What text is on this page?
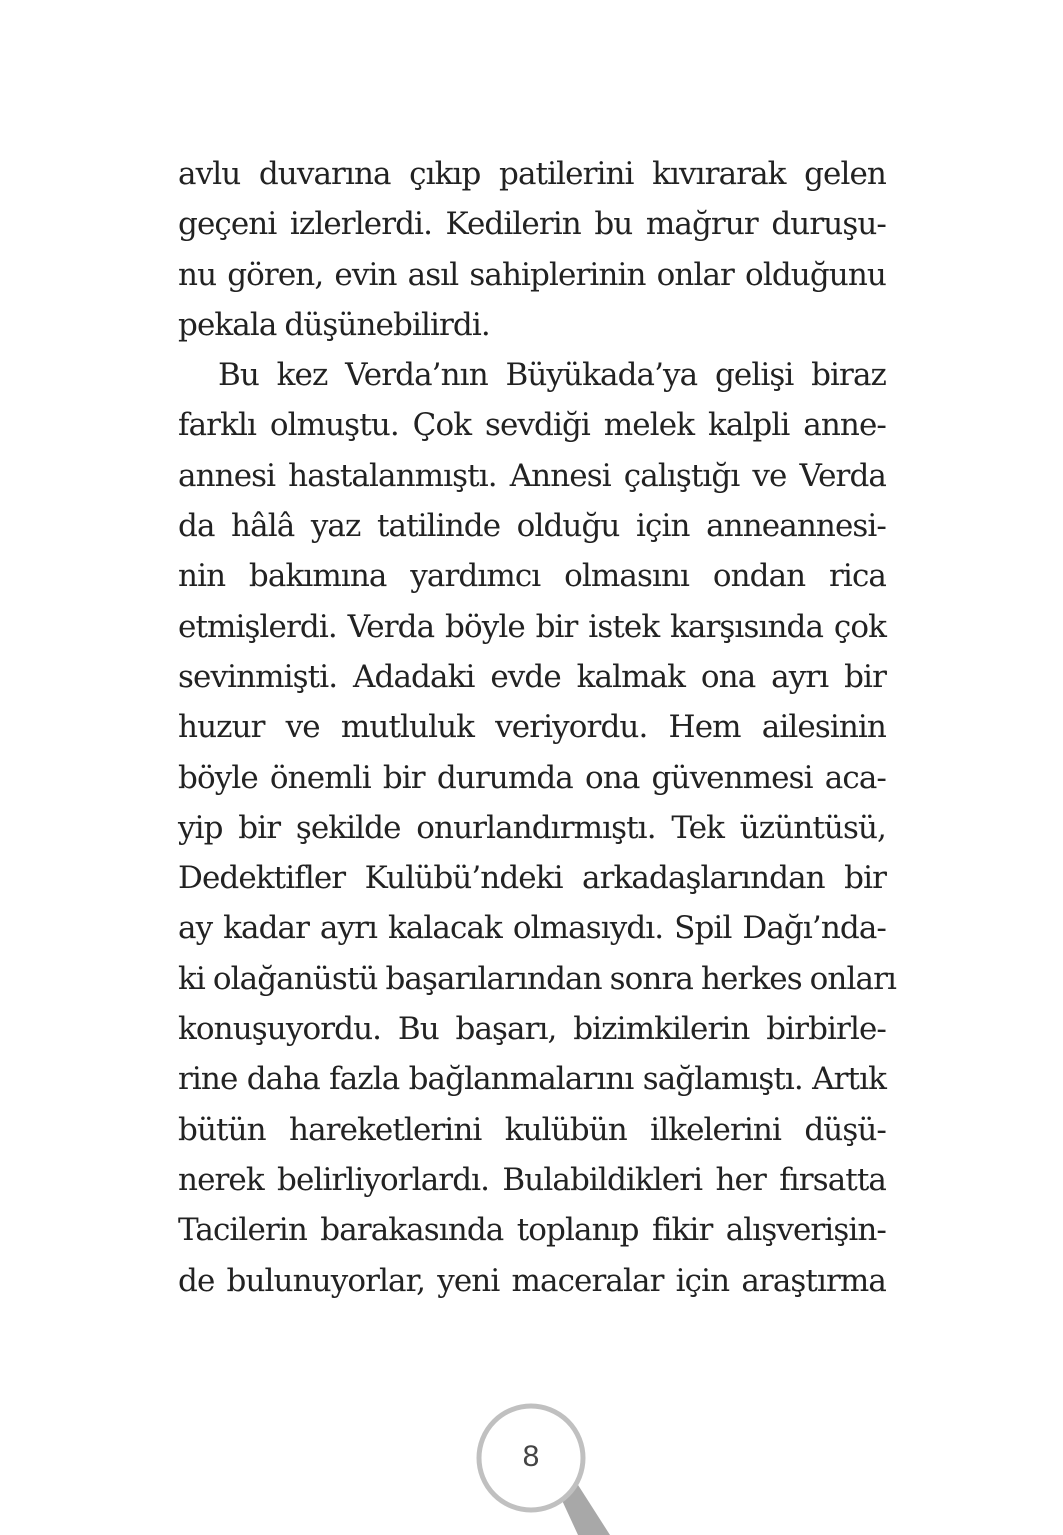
avlu duvarına çıkıp patilerini kıvırarak gelen
geçeni izlerlerdi. Kedilerin bu mağrur duruşu-
nu gören, evin asıl sahiplerinin onlar olduğunu
pekala düşünebilirdi.
Bu kez Verda’nın Büyükada’ya gelişi biraz
farklı olmuştu. Çok sevdiği melek kalpli anne-
annesi hastalanmıştı. Annesi çalıştığı ve Verda
da hâlâ yaz tatilinde olduğu için anneannesi-
nin bakımına yardımcı olmasını ondan rica
etmişlerdi. Verda böyle bir istek karşısında çok
sevinmişti. Adadaki evde kalmak ona ayrı bir
huzur ve mutluluk veriyordu. Hem ailesinin
böyle önemli bir durumda ona güvenmesi aca-
yip bir şekilde onurlandırmıştı. Tek üzüntüsü,
Dedektifler Kulübü’ndeki arkadaşlarından bir
ay kadar ayrı kalacak olmasıydı. Spil Dağı’nda-
ki olağanüstü başarılarından sonra herkes onları
konuşuyordu. Bu başarı, bizimkilerin birbirle-
rine daha fazla bağlanmalarını sağlamıştı. Artık
bütün hareketlerini kulübün ilkelerini düşü-
nerek belirliyorlardı. Bulabildikleri her fırsatta
Tacilerin barakasında toplanıp fikir alışverişin-
de bulunuyorlar, yeni maceralar için araştırma
8
